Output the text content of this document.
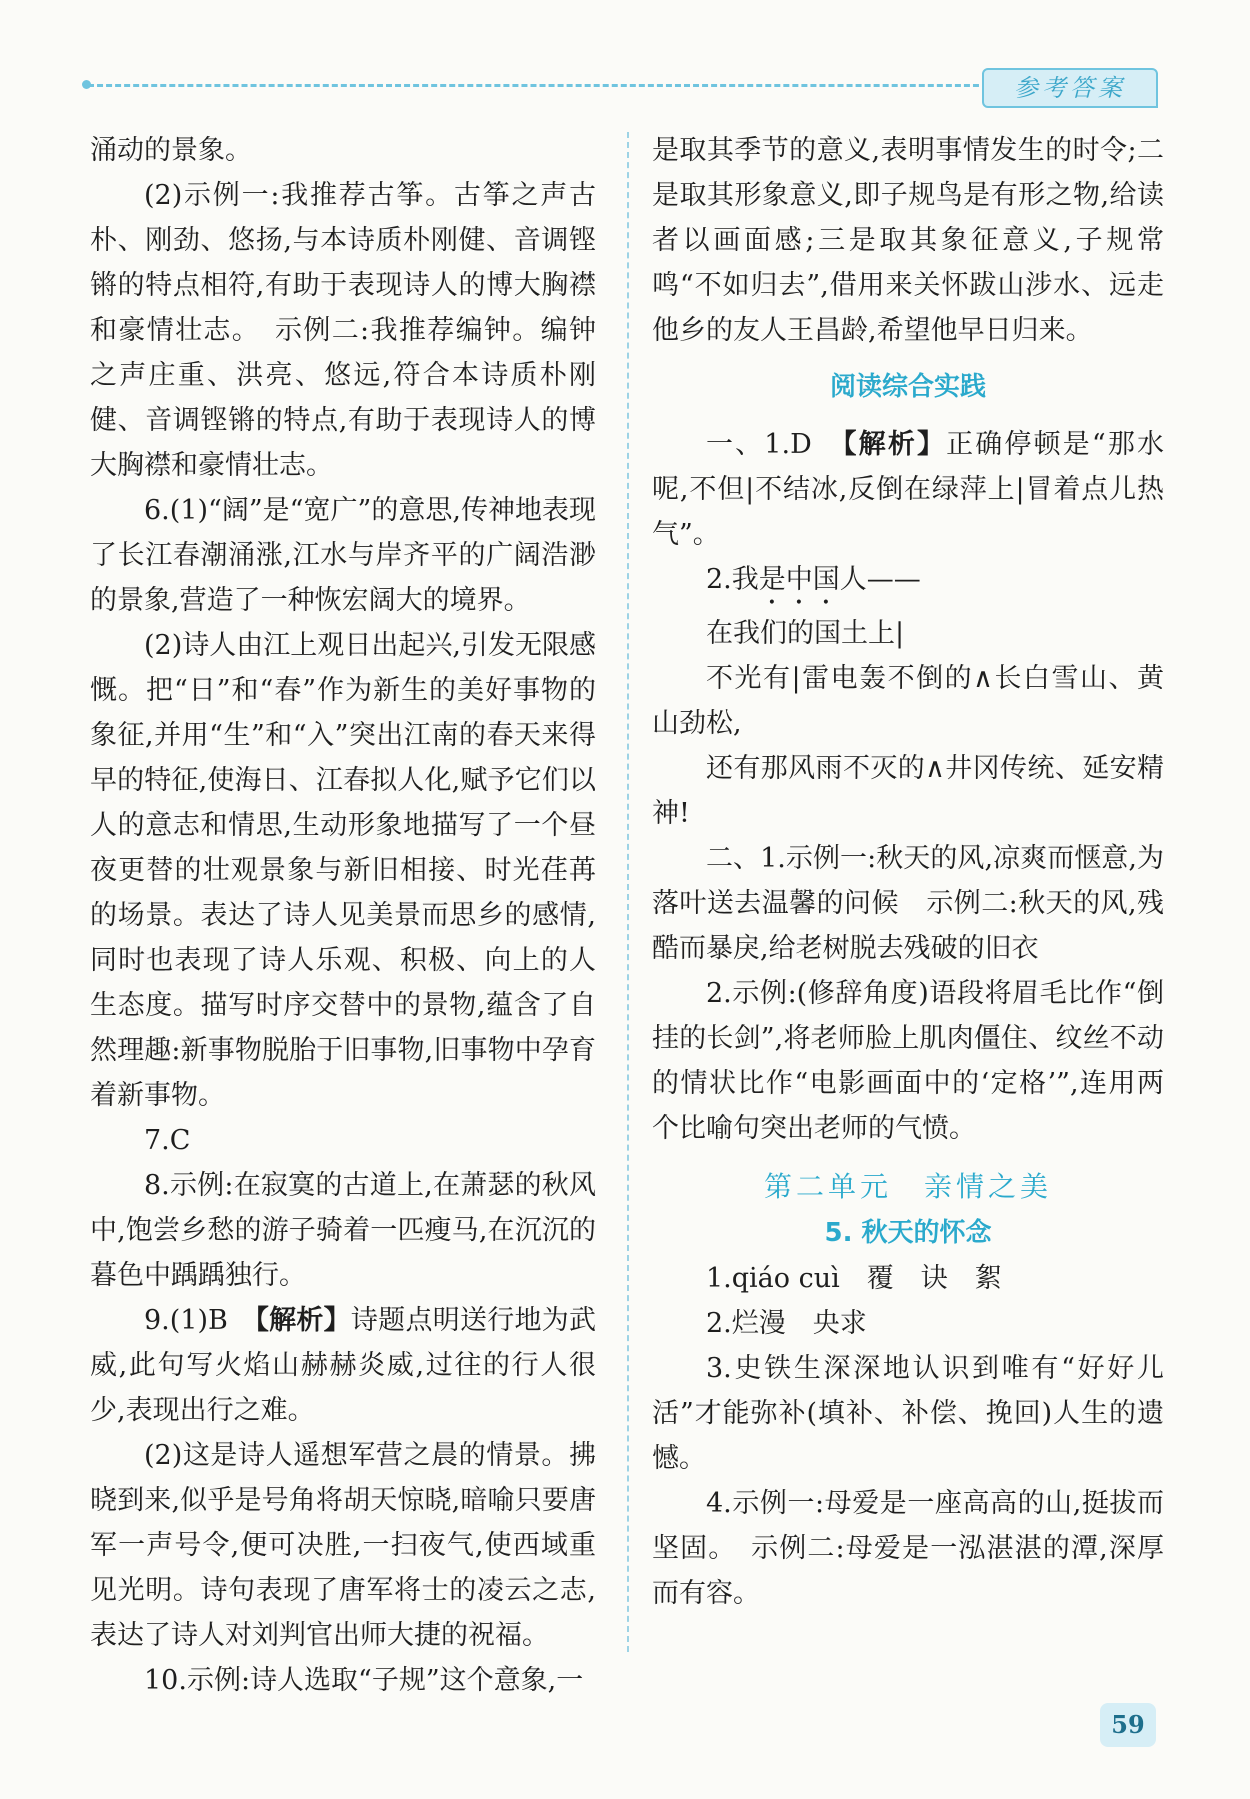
参考答案

涌动的景象。

(2)示例一:我推荐古筝。古筝之声古朴、刚劲、悠扬,与本诗质朴刚健、音调铿锵的特点相符,有助于表现诗人的博大胸襟和豪情壮志。　示例二:我推荐编钟。编钟之声庄重、洪亮、悠远,符合本诗质朴刚健、音调铿锵的特点,有助于表现诗人的博大胸襟和豪情壮志。

6.(1)“阔”是“宽广”的意思,传神地表现了长江春潮涌涨,江水与岸齐平的广阔浩渺的景象,营造了一种恢宏阔大的境界。

(2)诗人由江上观日出起兴,引发无限感慨。把“日”和“春”作为新生的美好事物的象征,并用“生”和“入”突出江南的春天来得早的特征,使海日、江春拟人化,赋予它们以人的意志和情思,生动形象地描写了一个昼夜更替的壮观景象与新旧相接、时光荏苒的场景。表达了诗人见美景而思乡的感情,同时也表现了诗人乐观、积极、向上的人生态度。描写时序交替中的景物,蕴含了自然理趣:新事物脱胎于旧事物,旧事物中孕育着新事物。

7.C

8.示例:在寂寞的古道上,在萧瑟的秋风中,饱尝乡愁的游子骑着一匹瘦马,在沉沉的暮色中踽踽独行。

9.(1)B　【解析】诗题点明送行地为武威,此句写火焰山赫赫炎威,过往的行人很少,表现出行之难。

(2)这是诗人遥想军营之晨的情景。拂晓到来,似乎是号角将胡天惊晓,暗喻只要唐军一声号令,便可决胜,一扫夜气,使西域重见光明。诗句表现了唐军将士的凌云之志,表达了诗人对刘判官出师大捷的祝福。

10.示例:诗人选取“子规”这个意象,一

是取其季节的意义,表明事情发生的时令;二是取其形象意义,即子规鸟是有形之物,给读者以画面感;三是取其象征意义,子规常鸣“不如归去”,借用来关怀跋山涉水、远走他乡的友人王昌龄,希望他早日归来。

阅读综合实践

一、1.D　【解析】正确停顿是“那水呢,不但|不结冰,反倒在绿萍上|冒着点儿热气”。

2.我是中国人——

在我们的国土上|

不光有|雷电轰不倒的∧长白雪山、黄山劲松,

还有那风雨不灭的∧井冈传统、延安精神!

二、1.示例一:秋天的风,凉爽而惬意,为落叶送去温馨的问候　示例二:秋天的风,残酷而暴戾,给老树脱去残破的旧衣

2.示例:(修辞角度)语段将眉毛比作“倒挂的长剑”,将老师脸上肌肉僵住、纹丝不动的情状比作“电影画面中的‘定格’”,连用两个比喻句突出老师的气愤。

第二单元　亲情之美
5. 秋天的怀念

1.qiáo cuì　覆　诀　絮

2.烂漫　央求

3.史铁生深深地认识到唯有“好好儿活”才能弥补(填补、补偿、挽回)人生的遗憾。

4.示例一:母爱是一座高高的山,挺拔而坚固。　示例二:母爱是一泓湛湛的潭,深厚而有容。

59
